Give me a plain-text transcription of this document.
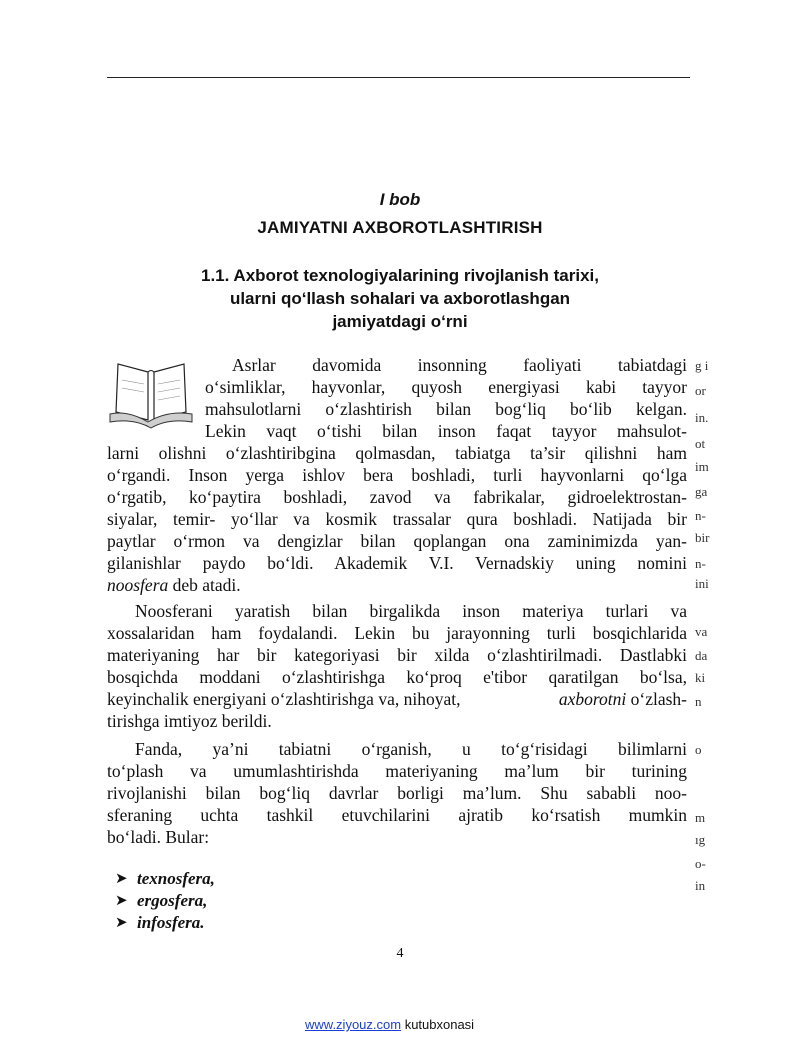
I bob
JAMIYATNI AXBOROTLASHTIRISH
1.1. Axborot texnologiyalarining rivojlanish tarixi,
ularni qo‘llash sohalari va axborotlashgan
jamiyatdagi o‘rni
Asrlar davomida insonning faoliyati tabiatdagi
o‘simliklar, hayvonlar, quyosh energiyasi kabi tayyor
mahsulotlarni o‘zlashtirish bilan bog‘liq bo‘lib kelgan.
Lekin vaqt o‘tishi bilan inson faqat tayyor mahsulot-
larni olishni o‘zlashtiribgina qolmasdan, tabiatga ta’sir qilishni ham
o‘rgandi. Inson yerga ishlov bera boshladi, turli hayvonlarni qo‘lga
o‘rgatib, ko‘paytira boshladi, zavod va fabrikalar, gidroelektrostan-
siyalar, temir- yo‘llar va kosmik trassalar qura boshladi. Natijada bir
paytlar o‘rmon va dengizlar bilan qoplangan ona zaminimizda yan-
gilanishlar paydo bo‘ldi. Akademik V.I. Vernadskiy uning nomini
noosfera deb atadi.
Noosferani yaratish bilan birgalikda inson materiya turlari va
xossalaridan ham foydalandi. Lekin bu jarayonning turli bosqichlarida
materiyaning har bir kategoriyasi bir xilda o‘zlashtirilmadi. Dastlabki
bosqichda moddani o‘zlashtirishga ko‘proq e'tibor qaratilgan bo‘lsa,
keyinchalik energiyani o‘zlashtirishga va, nihoyat,	axborotni o‘zlash-
tirishga imtiyoz berildi.
Fanda, ya’ni tabiatni o‘rganish, u to‘g‘risidagi bilimlarni
to‘plash va umumlashtirishda materiyaning ma’lum bir turining
rivojlanishi bilan bog‘liq davrlar borligi ma’lum. Shu sababli noo-
sferaning uchta tashkil etuvchilarini ajratib ko‘rsatish mumkin
bo‘ladi. Bular:
➤ texnosfera,
➤ ergosfera,
➤ infosfera.
g i
or
in.
ot
im
ga
n-
bir
n-
ini
va
da
ki
n
o
m
ıg
o-
in
4
www.ziyouz.com kutubxonasi
